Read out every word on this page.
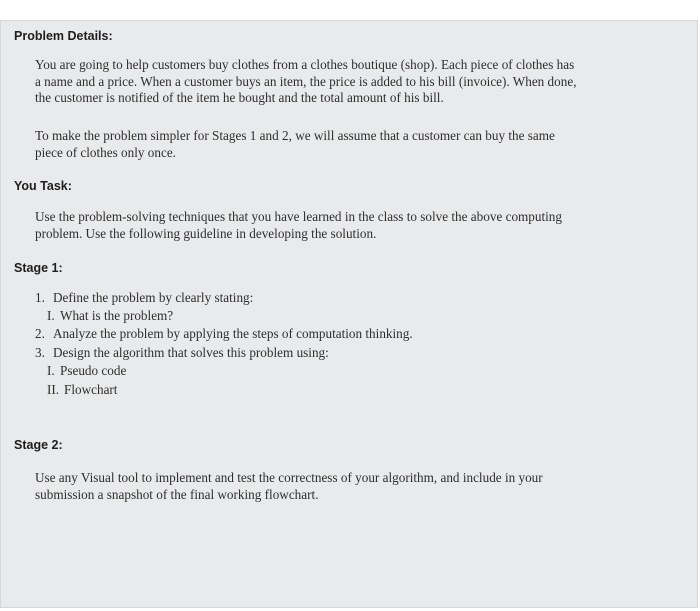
Problem Details:

You are going to help customers buy clothes from a clothes boutique (shop). Each piece of clothes has
a name and a price. When a customer buys an item, the price is added to his bill (invoice). When done,
the customer is notified of the item he bought and the total amount of his bill.

To make the problem simpler for Stages 1 and 2, we will assume that a customer can buy the same
piece of clothes only once.

You Task:

Use the problem-solving techniques that you have learned in the class to solve the above computing
problem. Use the following guideline in developing the solution.

Stage 1:

1. Define the problem by clearly stating:

I. What is the problem?

2. Analyze the problem by applying the steps of computation thinking.

3. Design the algorithm that solves this problem using:

I. Pseudo code

II. Flowchart

Stage 2:

Use any Visual tool to implement and test the correctness of your algorithm, and include in your
submission a snapshot of the final working flowchart.
